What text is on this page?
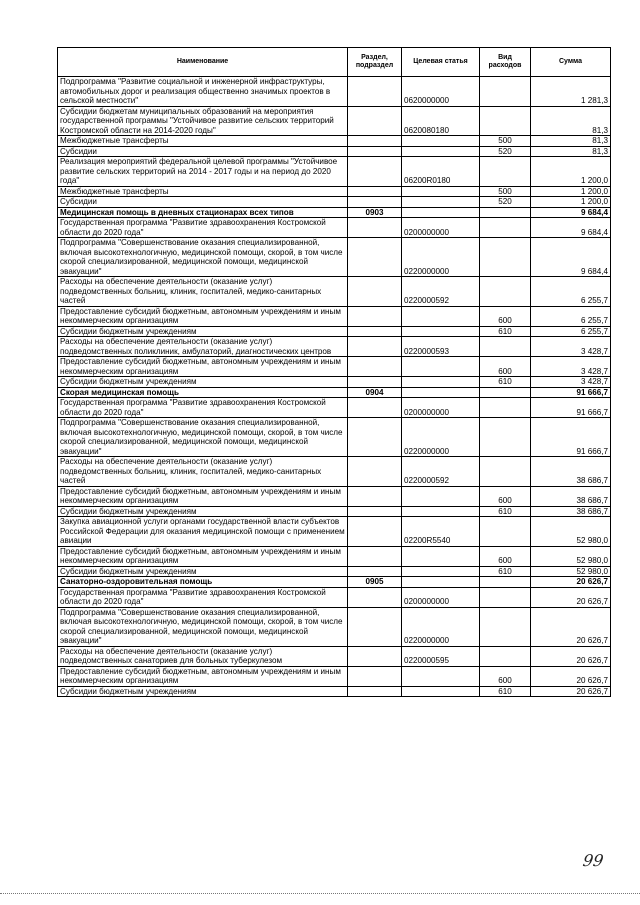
Наименование	Раздел, подраздел	Целевая статья	Вид расходов	Сумма
Подпрограмма "Развитие социальной и инженерной инфраструктуры, автомобильных дорог и реализация общественно значимых проектов в сельской местности"		0620000000		1 281,3
Субсидии бюджетам муниципальных образований на мероприятия государственной программы "Устойчивое развитие сельских территорий Костромской области на 2014-2020 годы"		0620080180		81,3
Межбюджетные трансферты			500	81,3
Субсидии			520	81,3
Реализация мероприятий федеральной целевой программы "Устойчивое развитие сельских территорий на 2014 - 2017 годы и на период до 2020 года"		06200R0180		1 200,0
Межбюджетные трансферты			500	1 200,0
Субсидии			520	1 200,0
Медицинская помощь в дневных стационарах всех типов	0903			9 684,4
Государственная программа "Развитие здравоохранения Костромской области до 2020 года"		0200000000		9 684,4
Подпрограмма "Совершенствование оказания специализированной, включая высокотехнологичную, медицинской помощи, скорой, в том числе скорой специализированной, медицинской помощи, медицинской эвакуации"		0220000000		9 684,4
Расходы на обеспечение деятельности (оказание услуг) подведомственных больниц, клиник, госпиталей, медико-санитарных частей		0220000592		6 255,7
Предоставление субсидий бюджетным, автономным учреждениям и иным некоммерческим организациям			600	6 255,7
Субсидии бюджетным учреждениям			610	6 255,7
Расходы на обеспечение деятельности (оказание услуг) подведомственных поликлиник, амбулаторий, диагностических центров		0220000593		3 428,7
Предоставление субсидий бюджетным, автономным учреждениям и иным некоммерческим организациям			600	3 428,7
Субсидии бюджетным учреждениям			610	3 428,7
Скорая медицинская помощь	0904			91 666,7
Государственная программа "Развитие здравоохранения Костромской области до 2020 года"		0200000000		91 666,7
Подпрограмма "Совершенствование оказания специализированной, включая высокотехнологичную, медицинской помощи, скорой, в том числе скорой специализированной, медицинской помощи, медицинской эвакуации"		0220000000		91 666,7
Расходы на обеспечение деятельности (оказание услуг) подведомственных больниц, клиник, госпиталей, медико-санитарных частей		0220000592		38 686,7
Предоставление субсидий бюджетным, автономным учреждениям и иным некоммерческим организациям			600	38 686,7
Субсидии бюджетным учреждениям			610	38 686,7
Закупка авиационной услуги органами государственной власти субъектов Российской Федерации для оказания медицинской помощи с применением авиации		02200R5540		52 980,0
Предоставление субсидий бюджетным, автономным учреждениям и иным некоммерческим организациям			600	52 980,0
Субсидии бюджетным учреждениям			610	52 980,0
Санаторно-оздоровительная помощь	0905			20 626,7
Государственная программа "Развитие здравоохранения Костромской области до 2020 года"		0200000000		20 626,7
Подпрограмма "Совершенствование оказания специализированной, включая высокотехнологичную, медицинской помощи, скорой, в том числе скорой специализированной, медицинской помощи, медицинской эвакуации"		0220000000		20 626,7
Расходы на обеспечение деятельности (оказание услуг) подведомственных санаториев для больных туберкулезом		0220000595		20 626,7
Предоставление субсидий бюджетным, автономным учреждениям и иным некоммерческим организациям			600	20 626,7
Субсидии бюджетным учреждениям			610	20 626,7
99
